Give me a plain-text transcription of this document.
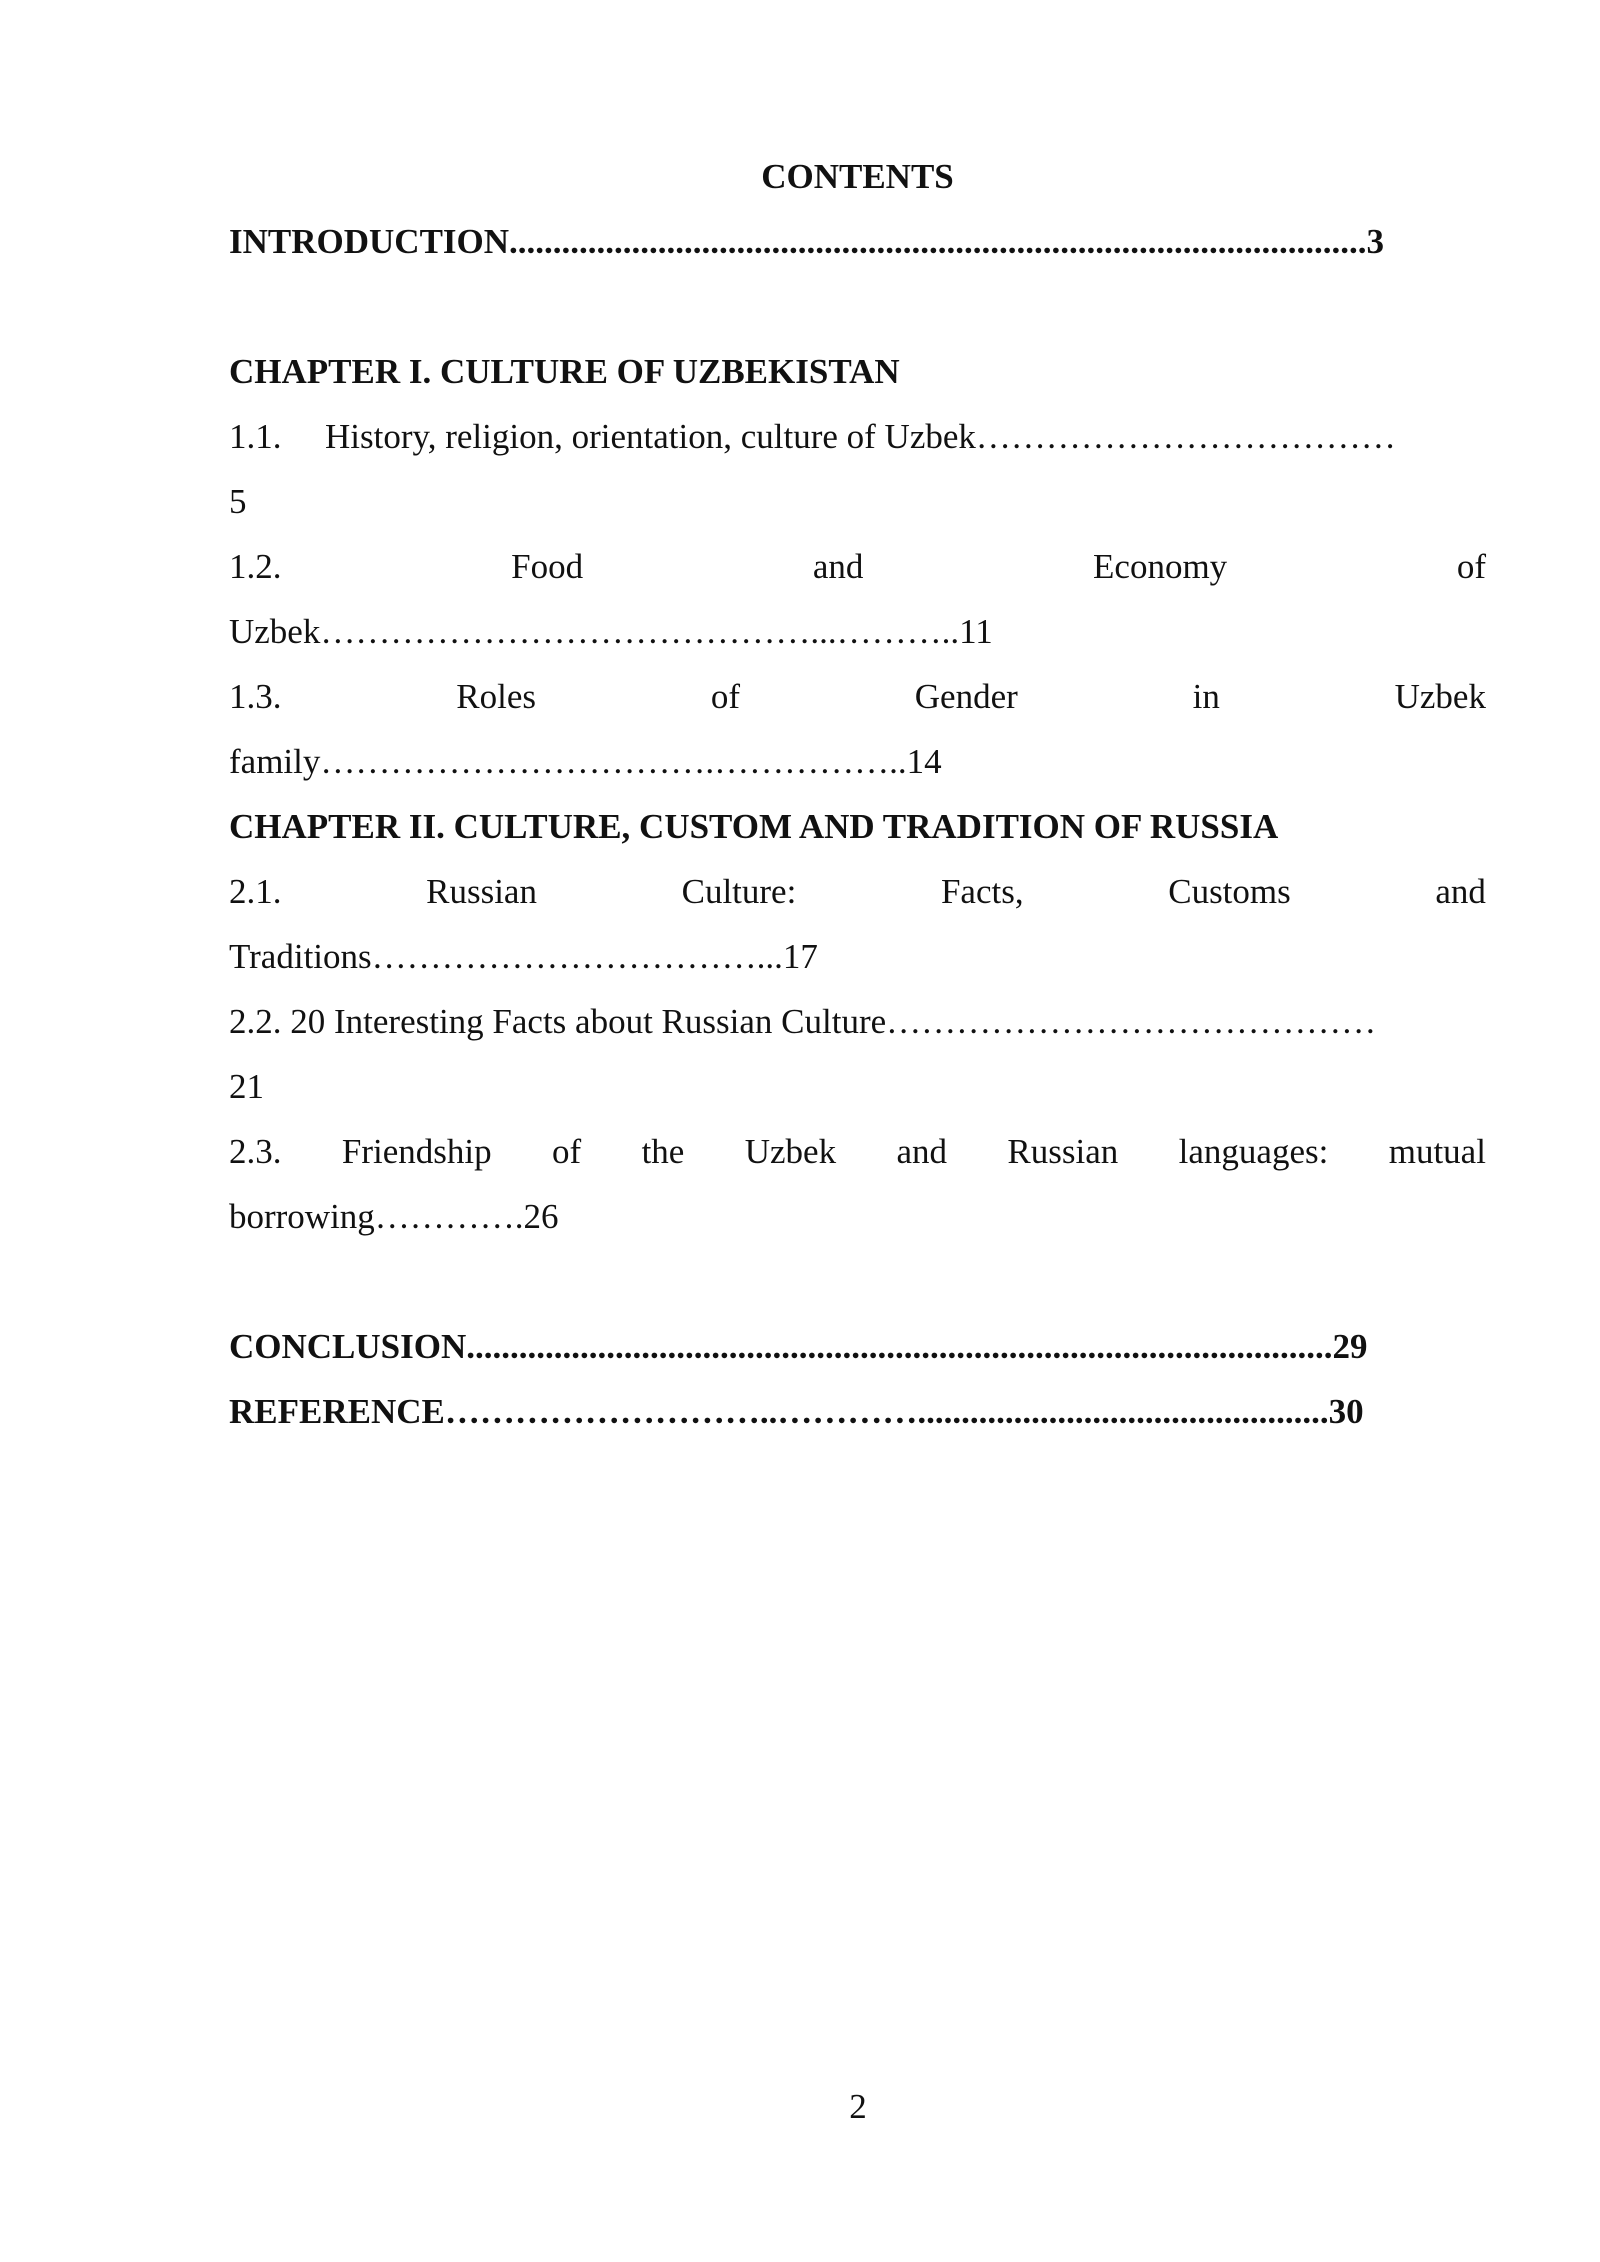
CONTENTS
INTRODUCTION..................................................................................................3
CHAPTER I. CULTURE OF UZBEKISTAN
1.1. History, religion, orientation, culture of Uzbek………………………………
5
1.2.	Food	and	Economy	of
Uzbek……………………………………...………..11
1.3.	Roles	of	Gender	in	Uzbek
family…………………………….……………..14
CHAPTER II. CULTURE, CUSTOM AND TRADITION OF RUSSIA
2.1.	Russian	Culture:	Facts,	Customs	and
Traditions……………………………...17
2.2. 20 Interesting Facts about Russian Culture……………………………………
21
2.3. Friendship of the Uzbek and Russian languages: mutual
borrowing………….26
CONCLUSION...................................................................................................29
REFERENCE………………………..…………...............................................30
2
